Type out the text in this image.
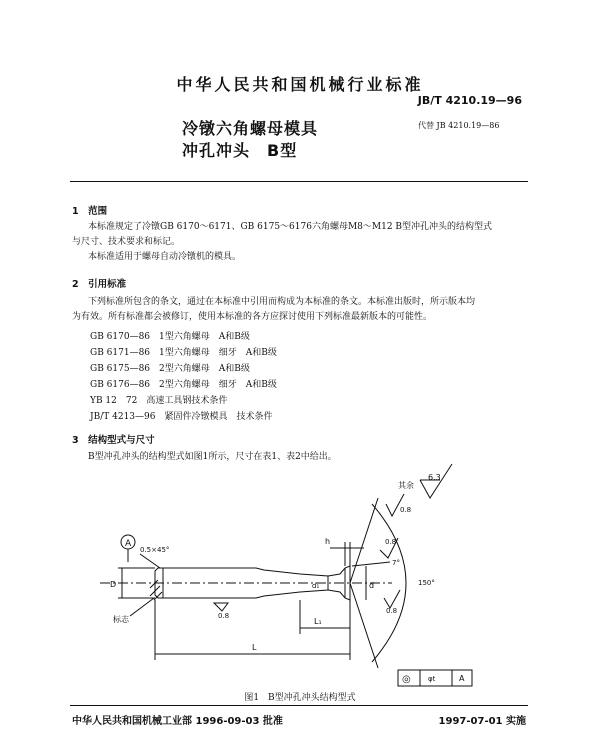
中华人民共和国机械行业标准
JB/T 4210.19—96
冷镦六角螺母模具
冲孔冲头　B型
代替 JB 4210.19—86
1　范围
本标准规定了冷镦GB 6170～6171、GB 6175～6176六角螺母M8～M12 B型冲孔冲头的结构型式
与尺寸、技术要求和标记。
本标准适用于螺母自动冷镦机的模具。
2　引用标准
下列标准所包含的条文，通过在本标准中引用而构成为本标准的条文。本标准出版时，所示版本均
为有效。所有标准都会被修订，使用本标准的各方应探讨使用下列标准最新版本的可能性。
GB 6170—86　1型六角螺母　A和B级
GB 6171—86　1型六角螺母　细牙　A和B级
GB 6175—86　2型六角螺母　A和B级
GB 6176—86　2型六角螺母　细牙　A和B级
YB 12　72　高速工具钢技术条件
JB/T 4213—96　紧固件冷镦模具　技术条件
3　结构型式与尺寸
B型冲孔冲头的结构型式如图1所示，尺寸在表1、表2中给出。
6.3
其余
A
0.5×45°
标志
D	d₁	d
h
7°
150°
0.8
0.8
0.8
0.8
L₁
L
◎ φt	A
图1　B型冲孔冲头结构型式
中华人民共和国机械工业部 1996-09-03 批准	1997-07-01 实施
